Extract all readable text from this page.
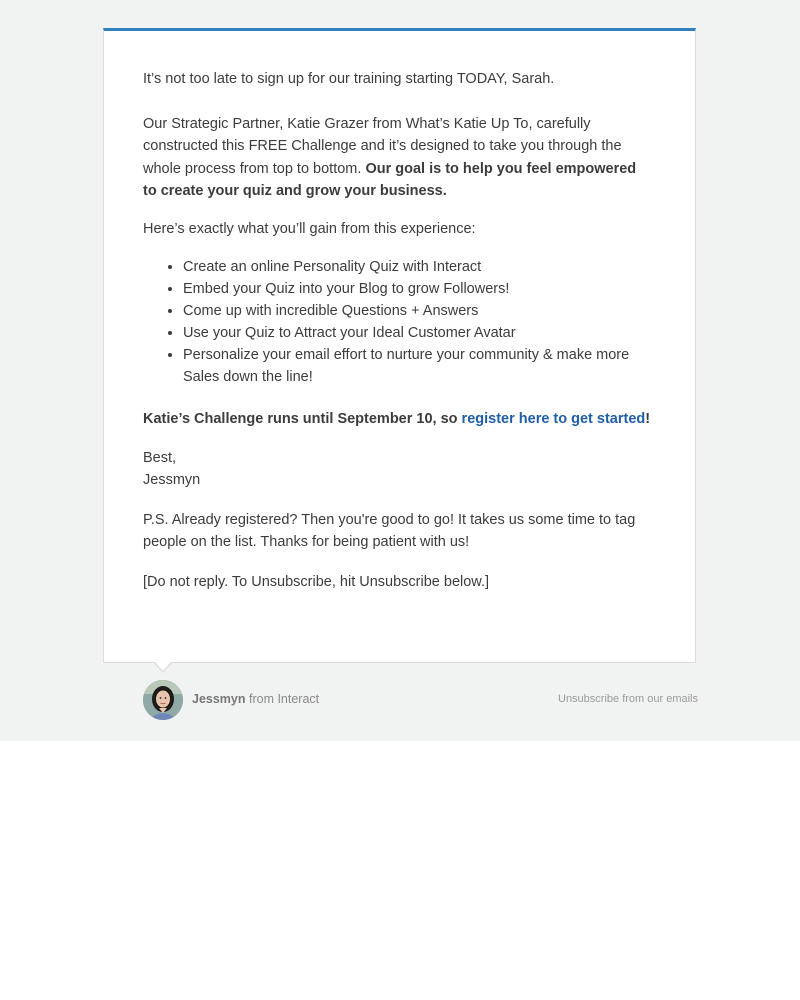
It’s not too late to sign up for our training starting TODAY, Sarah.

Our Strategic Partner, Katie Grazer from What’s Katie Up To, carefully constructed this FREE Challenge and it’s designed to take you through the whole process from top to bottom. Our goal is to help you feel empowered to create your quiz and grow your business.

Here’s exactly what you’ll gain from this experience:

• Create an online Personality Quiz with Interact
• Embed your Quiz into your Blog to grow Followers!
• Come up with incredible Questions + Answers
• Use your Quiz to Attract your Ideal Customer Avatar
• Personalize your email effort to nurture your community & make more Sales down the line!

Katie’s Challenge runs until September 10, so register here to get started!

Best,
Jessmyn

P.S. Already registered? Then you're good to go! It takes us some time to tag people on the list. Thanks for being patient with us!

[Do not reply. To Unsubscribe, hit Unsubscribe below.]

Jessmyn from Interact	Unsubscribe from our emails
